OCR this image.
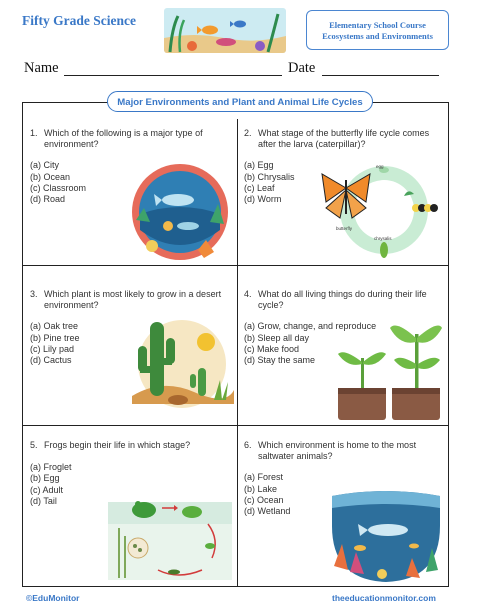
Fifty Grade Science	Elementary School Course
Ecosystems and Environments
Name	Date
Major Environments and Plant and Animal Life Cycles
1. Which of the following is a major type of environment?
(a) City
(b) Ocean
(c) Classroom
(d) Road
2. What stage of the butterfly life cycle comes after the larva (caterpillar)?
(a) Egg
(b) Chrysalis
(c) Leaf
(d) Worm
egg
chrysalis
butterfly
3. Which plant is most likely to grow in a desert environment?
(a) Oak tree
(b) Pine tree
(c) Lily pad
(d) Cactus
4. What do all living things do during their life cycle?
(a) Grow, change, and reproduce
(b) Sleep all day
(c) Make food
(d) Stay the same
5. Frogs begin their life in which stage?
(a) Froglet
(b) Egg
(c) Adult
(d) Tail
6. Which environment is home to the most saltwater animals?
(a) Forest
(b) Lake
(c) Ocean
(d) Wetland
©EduMonitor	theeducationmonitor.com
